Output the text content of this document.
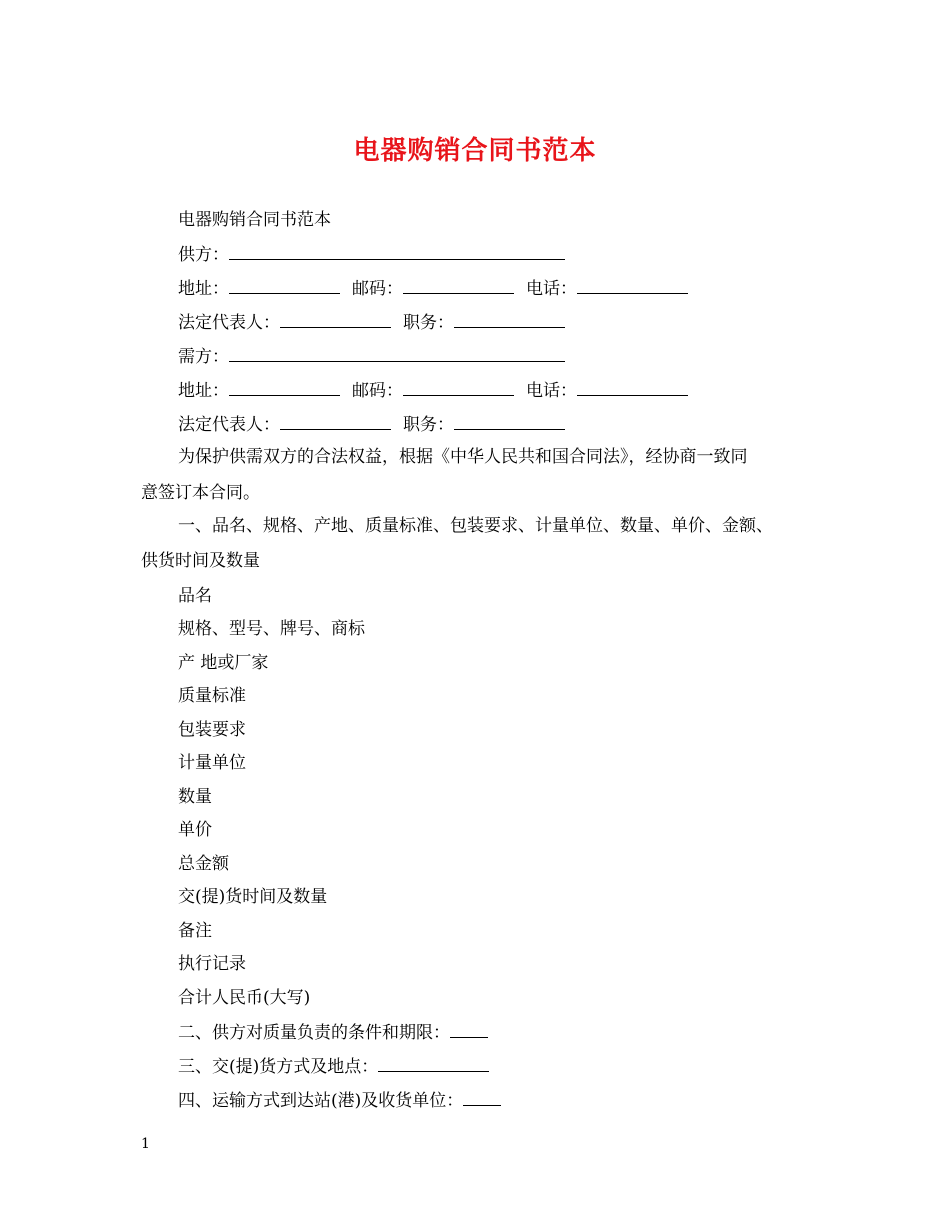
电器购销合同书范本
电器购销合同书范本
供方：
地址：	邮码：	电话：
法定代表人：	职务：
需方：
地址：	邮码：	电话：
法定代表人：	职务：
为保护供需双方的合法权益，根据《中华人民共和国合同法》，经协商一致同
意签订本合同。
一、品名、规格、产地、质量标准、包装要求、计量单位、数量、单价、金额、
供货时间及数量
品名
规格、型号、牌号、商标
产 地或厂家
质量标准
包装要求
计量单位
数量
单价
总金额
交(提)货时间及数量
备注
执行记录
合计人民币(大写)
二、供方对质量负责的条件和期限：
三、交(提)货方式及地点：
四、运输方式到达站(港)及收货单位：
1
